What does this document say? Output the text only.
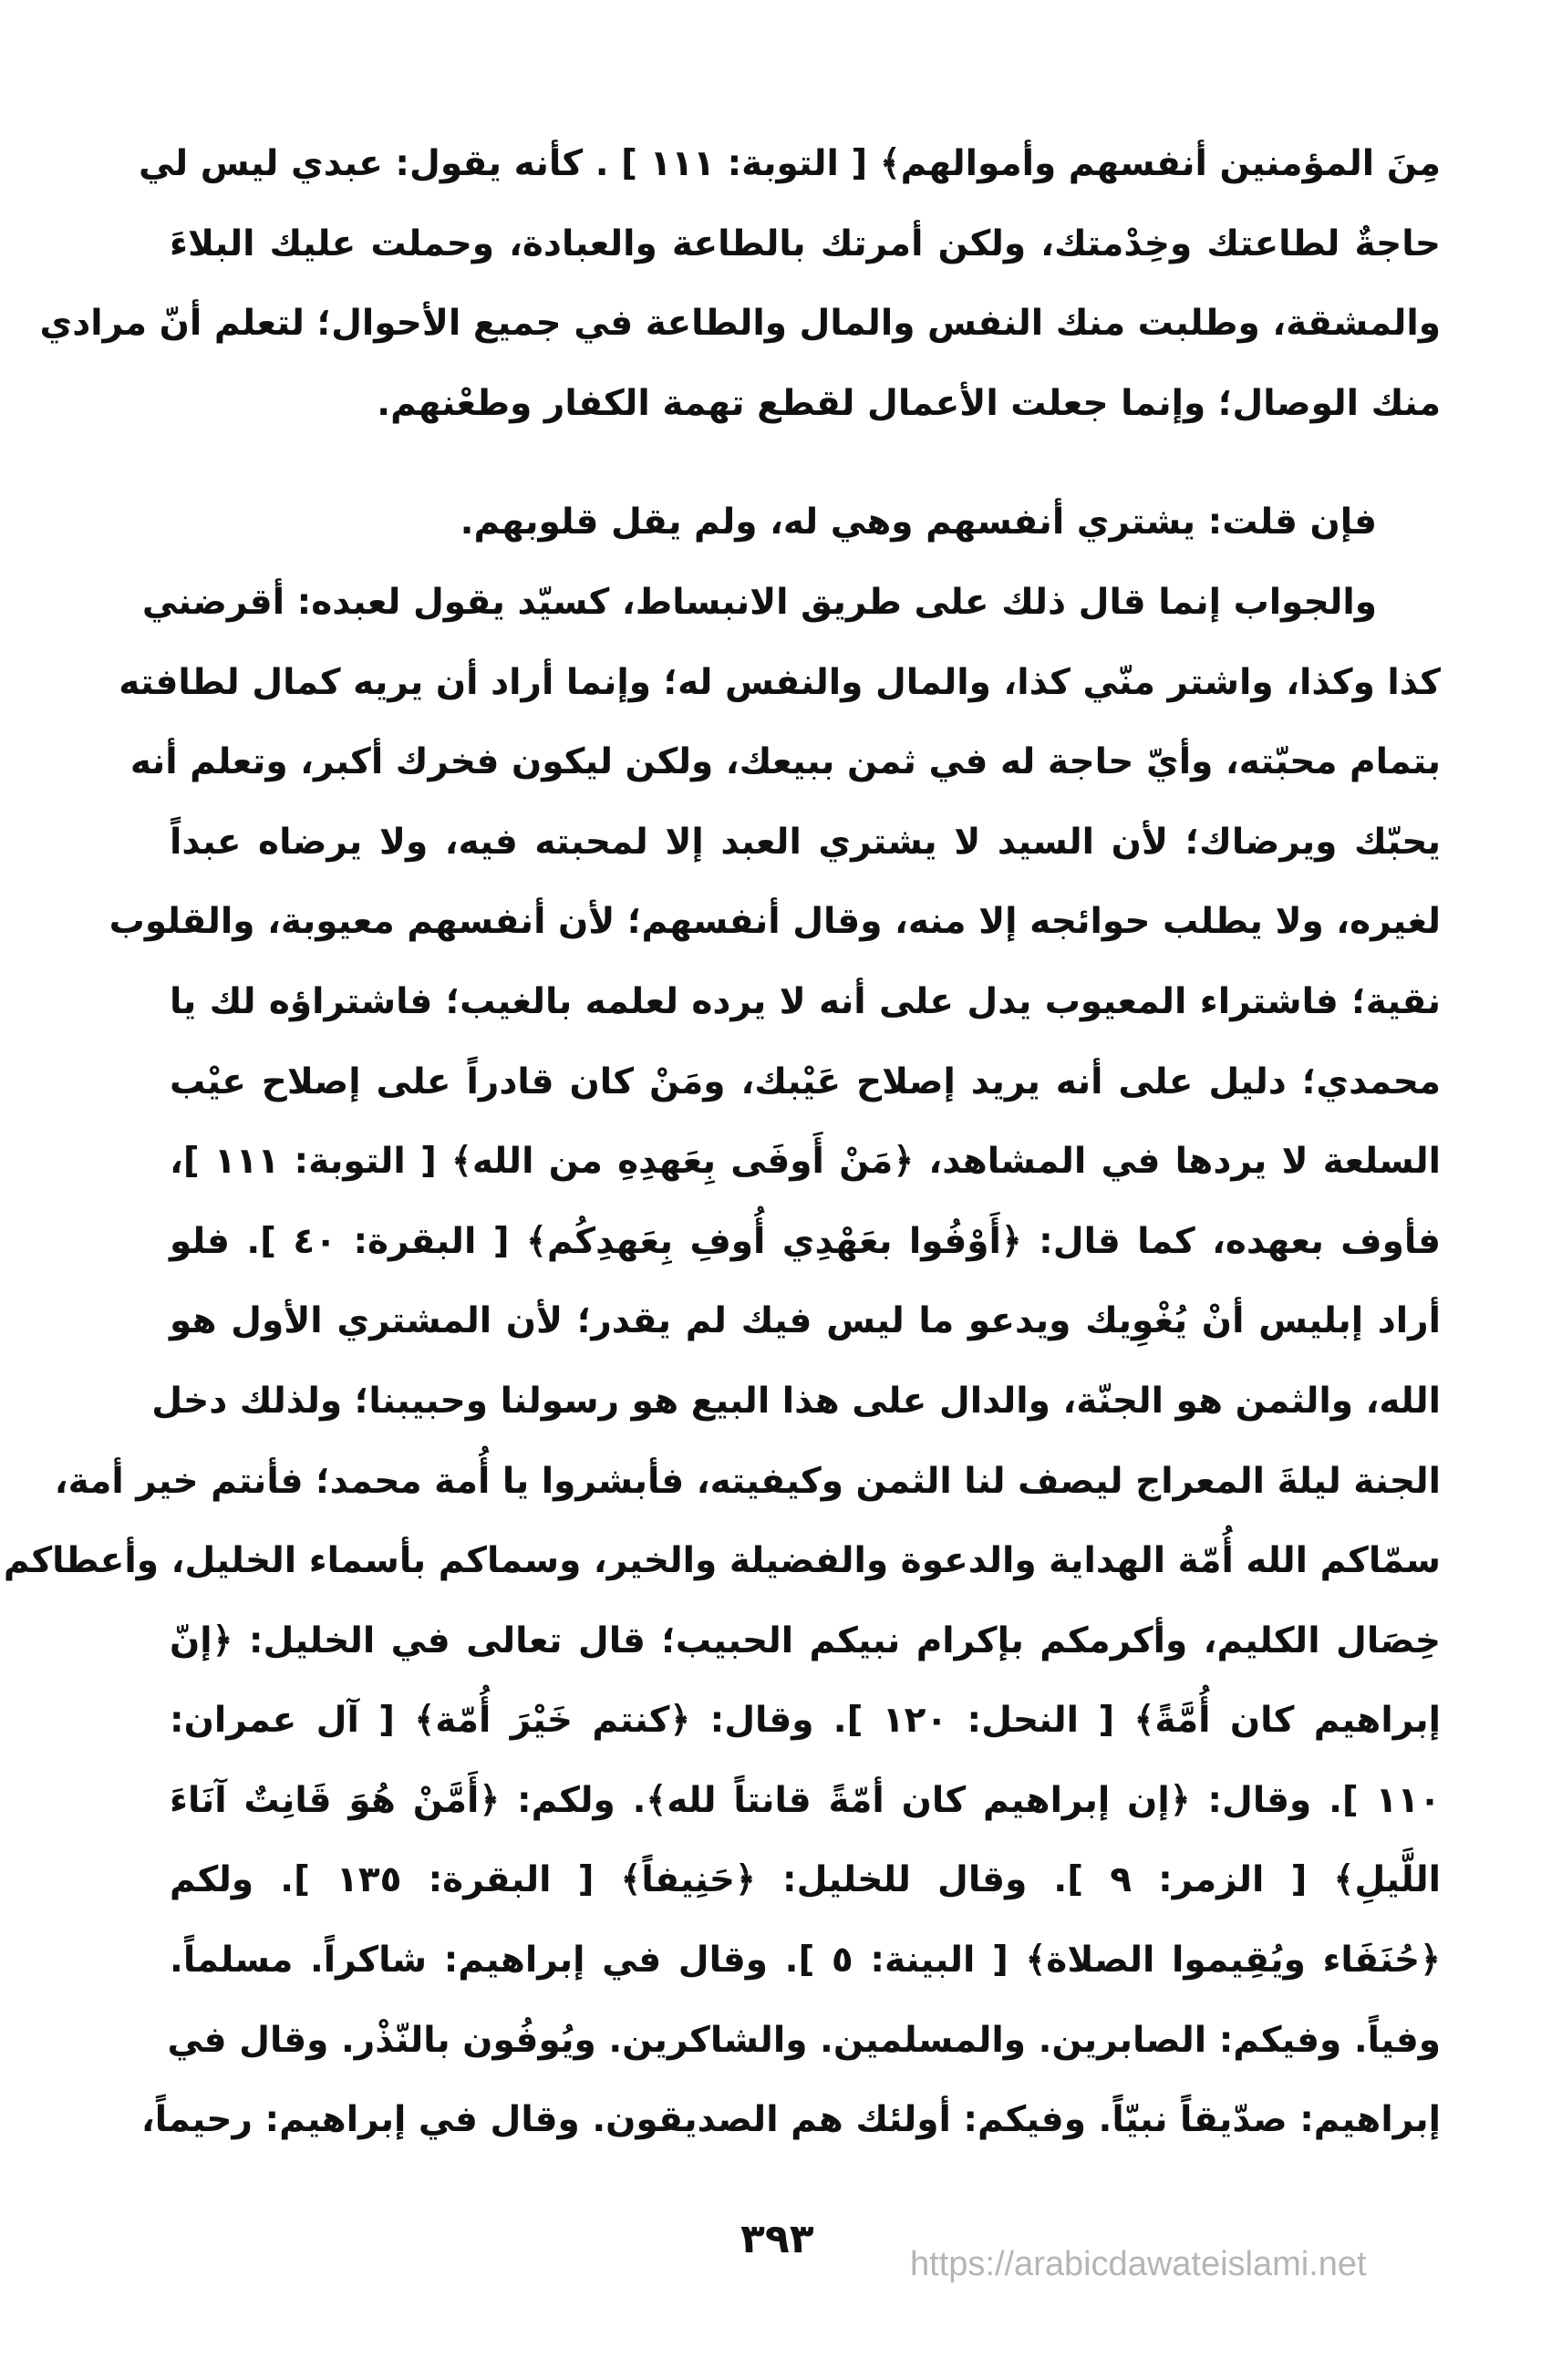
مِنَ المؤمنين أنفسهم وأموالهم﴾ [ التوبة: ١١١ ] . كأنه يقول: عبدي ليس لي
حاجةٌ لطاعتك وخِدْمتك، ولكن أمرتك بالطاعة والعبادة، وحملت عليك البلاءَ
والمشقة، وطلبت منك النفس والمال والطاعة في جميع الأحوال؛ لتعلم أنّ مرادي
منك الوصال؛ وإنما جعلت الأعمال لقطع تهمة الكفار وطعْنهم.
فإن قلت: يشتري أنفسهم وهي له، ولم يقل قلوبهم.
والجواب إنما قال ذلك على طريق الانبساط، كسيّد يقول لعبده: أقرضني
كذا وكذا، واشتر منّي كذا، والمال والنفس له؛ وإنما أراد أن يريه كمال لطافته
بتمام محبّته، وأيّ حاجة له في ثمن ببيعك، ولكن ليكون فخرك أكبر، وتعلم أنه
يحبّك ويرضاك؛ لأن السيد لا يشتري العبد إلا لمحبته فيه، ولا يرضاه عبداً
لغيره، ولا يطلب حوائجه إلا منه، وقال أنفسهم؛ لأن أنفسهم معيوبة، والقلوب
نقية؛ فاشتراء المعيوب يدل على أنه لا يرده لعلمه بالغيب؛ فاشتراؤه لك يا
محمدي؛ دليل على أنه يريد إصلاح عَيْبك، ومَنْ كان قادراً على إصلاح عيْب
السلعة لا يردها في المشاهد، ﴿مَنْ أَوفَى بِعَهدِهِ من الله﴾ [ التوبة: ١١١ ]،
فأوف بعهده، كما قال: ﴿أَوْفُوا بعَهْدِي أُوفِ بِعَهدِكُم﴾ [ البقرة: ٤٠ ]. فلو
أراد إبليس أنْ يُغْوِيك ويدعو ما ليس فيك لم يقدر؛ لأن المشتري الأول هو
الله، والثمن هو الجنّة، والدال على هذا البيع هو رسولنا وحبيبنا؛ ولذلك دخل
الجنة ليلةَ المعراج ليصف لنا الثمن وكيفيته، فأبشروا يا أُمة محمد؛ فأنتم خير أمة،
سمّاكم الله أُمّة الهداية والدعوة والفضيلة والخير، وسماكم بأسماء الخليل، وأعطاكم
خِصَال الكليم، وأكرمكم بإكرام نبيكم الحبيب؛ قال تعالى في الخليل: ﴿إنّ
إبراهيم كان أُمَّةً﴾ [ النحل: ١٢٠ ]. وقال: ﴿كنتم خَيْرَ أُمّة﴾ [ آل عمران:
١١٠ ]. وقال: ﴿إن إبراهيم كان أمّةً قانتاً لله﴾. ولكم: ﴿أَمَّنْ هُوَ قَانِتٌ آنَاءَ
اللَّيلِ﴾ [ الزمر: ٩ ]. وقال للخليل: ﴿حَنِيفاً﴾ [ البقرة: ١٣٥ ]. ولكم
﴿حُنَفَاء ويُقِيموا الصلاة﴾ [ البينة: ٥ ]. وقال في إبراهيم: شاكراً. مسلماً.
وفياً. وفيكم: الصابرين. والمسلمين. والشاكرين. ويُوفُون بالنّذْر. وقال في
إبراهيم: صدّيقاً نبيّاً. وفيكم: أولئك هم الصديقون. وقال في إبراهيم: رحيماً،
٣٩٣
https://arabicdawateislami.net
